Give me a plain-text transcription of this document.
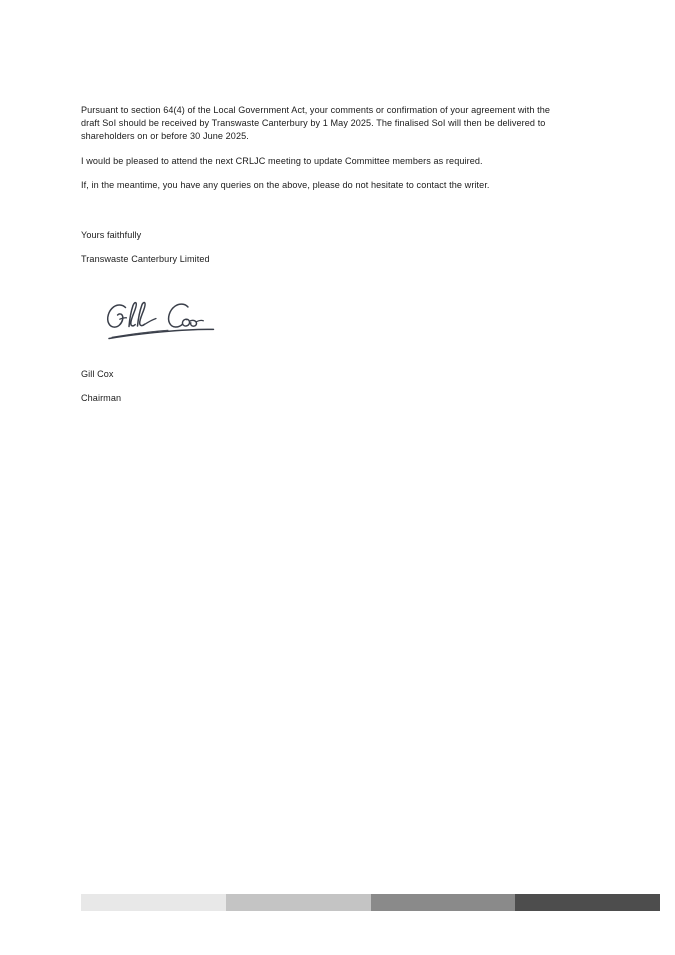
Pursuant to section 64(4) of the Local Government Act, your comments or confirmation of your agreement with the draft SoI should be received by Transwaste Canterbury by 1 May 2025. The finalised SoI will then be delivered to shareholders on or before 30 June 2025.

I would be pleased to attend the next CRLJC meeting to update Committee members as required.

If, in the meantime, you have any queries on the above, please do not hesitate to contact the writer.

Yours faithfully

Transwaste Canterbury Limited

Gill Cox

Chairman
